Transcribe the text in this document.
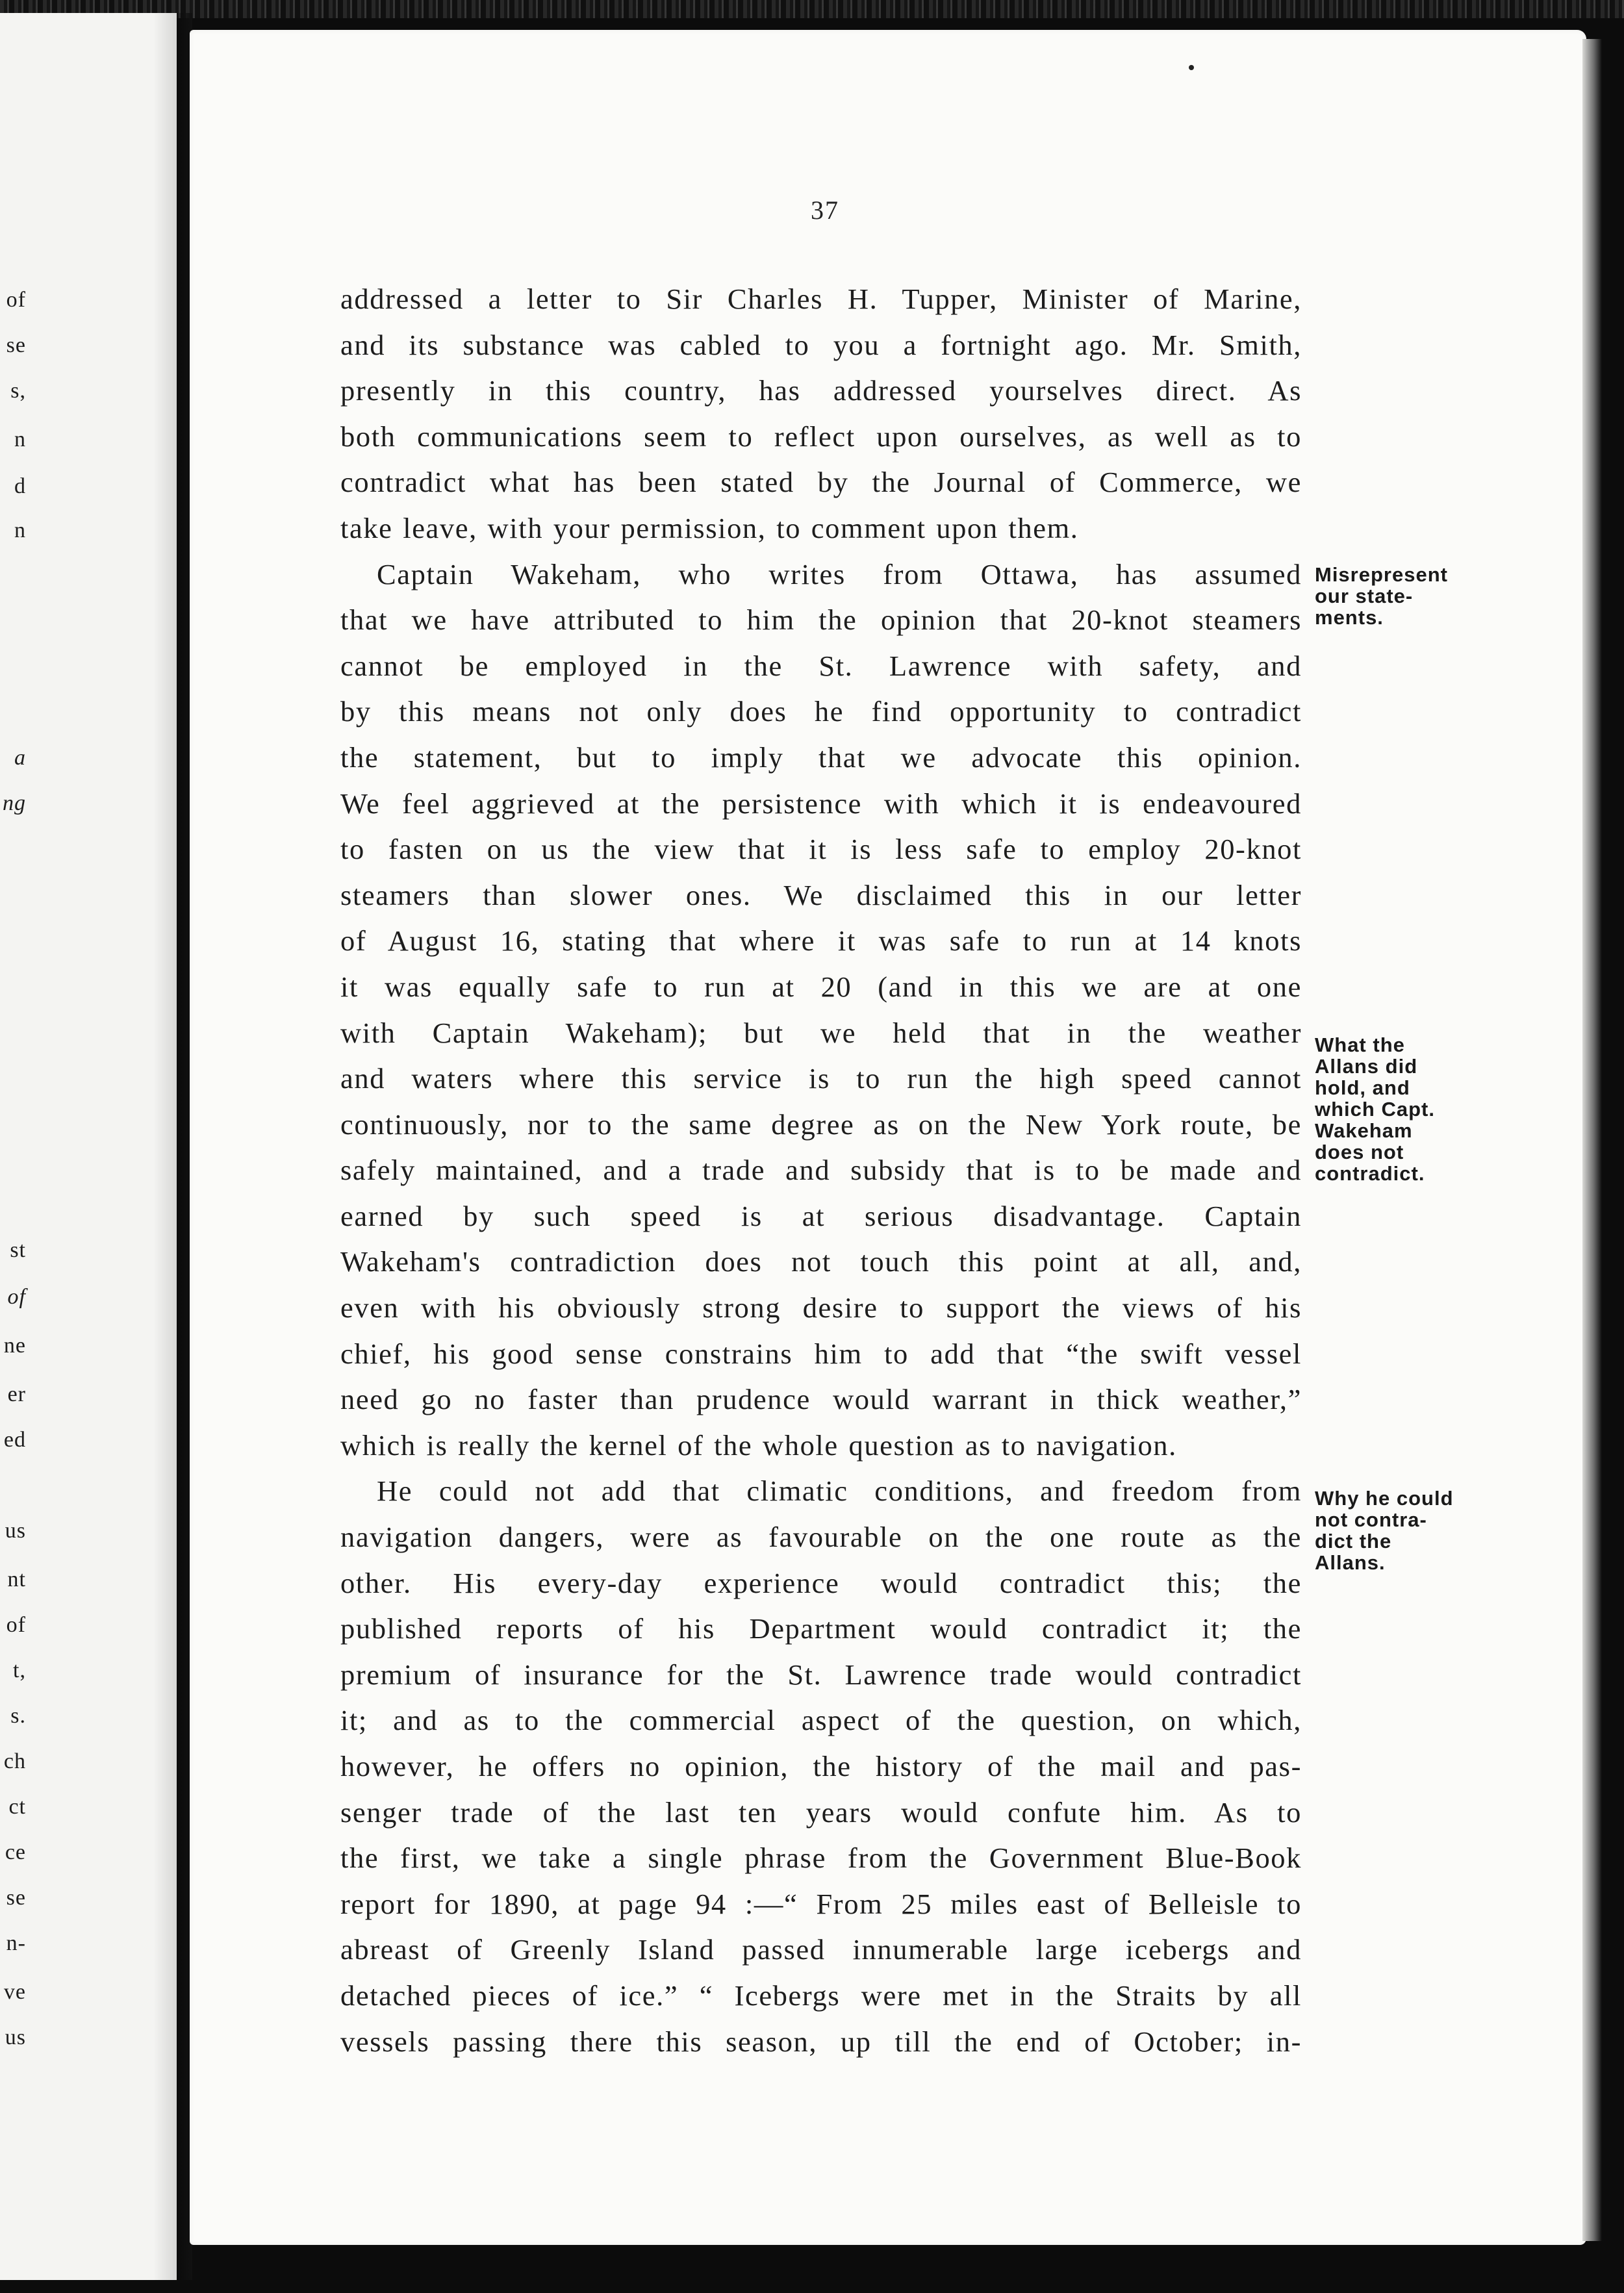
of
se
s,
n
d
n
a
ng
st
of
ne
er
ed
us
nt
of
t,
s.
ch
ct
ce
se
n-
ve
us
37
addressed a letter to Sir Charles H. Tupper, Minister of Marine,
and its substance was cabled to you a fortnight ago. Mr. Smith,
presently in this country, has addressed yourselves direct. As
both communications seem to reflect upon ourselves, as well as to
contradict what has been stated by the Journal of Commerce, we
take leave, with your permission, to comment upon them.
Captain Wakeham, who writes from Ottawa, has assumed
that we have attributed to him the opinion that 20-knot steamers
cannot be employed in the St. Lawrence with safety, and
by this means not only does he find opportunity to contradict
the statement, but to imply that we advocate this opinion.
We feel aggrieved at the persistence with which it is endeavoured
to fasten on us the view that it is less safe to employ 20-knot
steamers than slower ones. We disclaimed this in our letter
of August 16, stating that where it was safe to run at 14 knots
it was equally safe to run at 20 (and in this we are at one
with Captain Wakeham); but we held that in the weather
and waters where this service is to run the high speed cannot
continuously, nor to the same degree as on the New York route, be
safely maintained, and a trade and subsidy that is to be made and
earned by such speed is at serious disadvantage. Captain
Wakeham's contradiction does not touch this point at all, and,
even with his obviously strong desire to support the views of his
chief, his good sense constrains him to add that “the swift vessel
need go no faster than prudence would warrant in thick weather,”
which is really the kernel of the whole question as to navigation.
He could not add that climatic conditions, and freedom from
navigation dangers, were as favourable on the one route as the
other. His every-day experience would contradict this; the
published reports of his Department would contradict it; the
premium of insurance for the St. Lawrence trade would contradict
it; and as to the commercial aspect of the question, on which,
however, he offers no opinion, the history of the mail and pas-
senger trade of the last ten years would confute him. As to
the first, we take a single phrase from the Government Blue-Book
report for 1890, at page 94 :—“ From 25 miles east of Belleisle to
abreast of Greenly Island passed innumerable large icebergs and
detached pieces of ice.” “ Icebergs were met in the Straits by all
vessels passing there this season, up till the end of October; in-
Misrepresent
our state-
ments.
What the
Allans did
hold, and
which Capt.
Wakeham
does not
contradict.
Why he could
not contra-
dict the
Allans.
